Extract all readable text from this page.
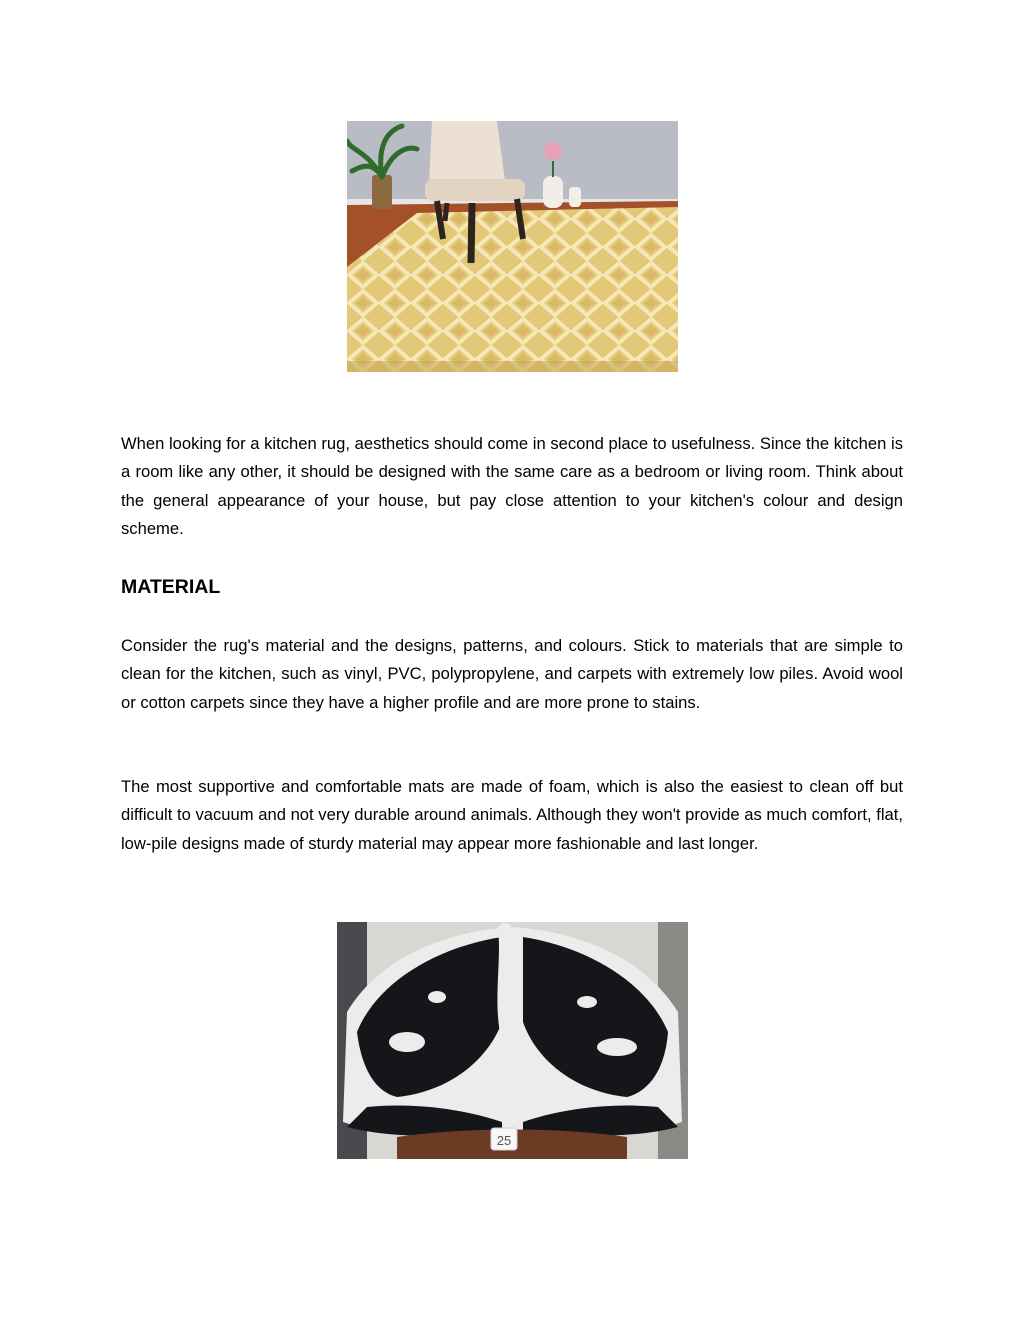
When looking for a kitchen rug, aesthetics should come in second place to usefulness. Since the kitchen is a room like any other, it should be designed with the same care as a bedroom or living room. Think about the general appearance of your house, but pay close attention to your kitchen's colour and design scheme.

MATERIAL

Consider the rug's material and the designs, patterns, and colours. Stick to materials that are simple to clean for the kitchen, such as vinyl, PVC, polypropylene, and carpets with extremely low piles. Avoid wool or cotton carpets since they have a higher profile and are more prone to stains.

The most supportive and comfortable mats are made of foam, which is also the easiest to clean off but difficult to vacuum and not very durable around animals. Although they won't provide as much comfort, flat, low-pile designs made of sturdy material may appear more fashionable and last longer.

25
